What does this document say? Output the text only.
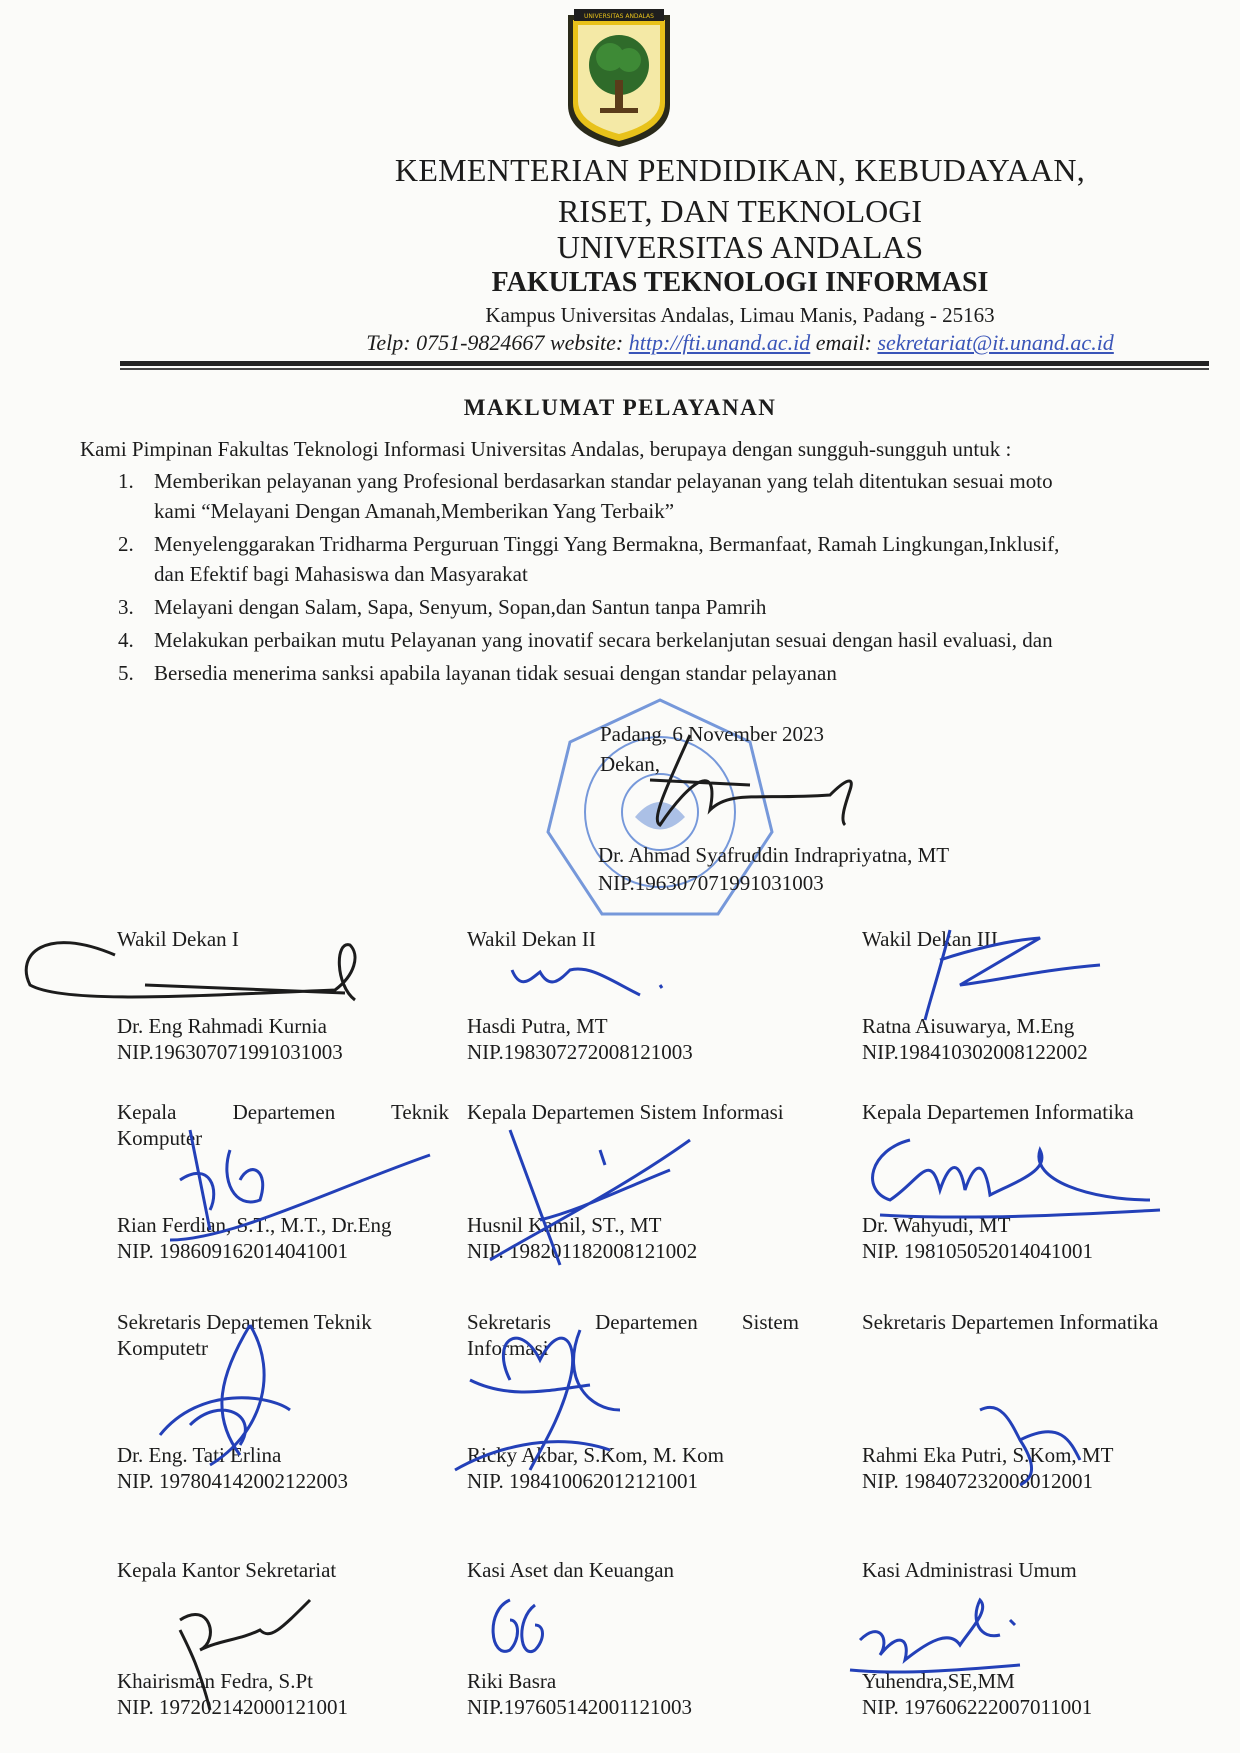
UNIVERSITAS ANDALAS
KEMENTERIAN PENDIDIKAN, KEBUDAYAAN,
RISET, DAN TEKNOLOGI
UNIVERSITAS ANDALAS
FAKULTAS TEKNOLOGI INFORMASI
Kampus Universitas Andalas, Limau Manis, Padang - 25163
Telp: 0751-9824667 website: http://fti.unand.ac.id email: sekretariat@it.unand.ac.id
MAKLUMAT PELAYANAN
Kami Pimpinan Fakultas Teknologi Informasi Universitas Andalas, berupaya dengan sungguh-sungguh untuk :
1. Memberikan pelayanan yang Profesional berdasarkan standar pelayanan yang telah ditentukan sesuai moto
kami “Melayani Dengan Amanah,Memberikan Yang Terbaik”
2. Menyelenggarakan Tridharma Perguruan Tinggi Yang Bermakna, Bermanfaat, Ramah Lingkungan,Inklusif,
dan Efektif bagi Mahasiswa dan Masyarakat
3. Melayani dengan Salam, Sapa, Senyum, Sopan,dan Santun tanpa Pamrih
4. Melakukan perbaikan mutu Pelayanan yang inovatif secara berkelanjutan sesuai dengan hasil evaluasi, dan
5. Bersedia menerima sanksi apabila layanan tidak sesuai dengan standar pelayanan
Padang, 6 November 2023
Dekan,
Dr. Ahmad Syafruddin Indrapriyatna, MT
NIP.196307071991031003
Wakil Dekan I
Dr. Eng Rahmadi Kurnia
NIP.196307071991031003
Wakil Dekan II
Hasdi Putra, MT
NIP.198307272008121003
Wakil Dekan III
Ratna Aisuwarya, M.Eng
NIP.198410302008122002
Kepala	Departemen	Teknik
Komputer
Rian Ferdian, S.T., M.T., Dr.Eng
NIP. 198609162014041001
Kepala Departemen Sistem Informasi
Husnil Kamil, ST., MT
NIP. 198201182008121002
Kepala Departemen Informatika
Dr. Wahyudi, MT
NIP. 198105052014041001
Sekretaris Departemen Teknik
Komputetr
Dr. Eng. Tati Erlina
NIP. 197804142002122003
Sekretaris Departemen Sistem
Informasi
Ricky Akbar, S.Kom, M. Kom
NIP. 198410062012121001
Sekretaris Departemen Informatika
Rahmi Eka Putri, S.Kom, MT
NIP. 198407232008012001
Kepala Kantor Sekretariat
Khairisman Fedra, S.Pt
NIP. 197202142000121001
Kasi Aset dan Keuangan
Riki Basra
NIP.197605142001121003
Kasi Administrasi Umum
Yuhendra,SE,MM
NIP. 197606222007011001
